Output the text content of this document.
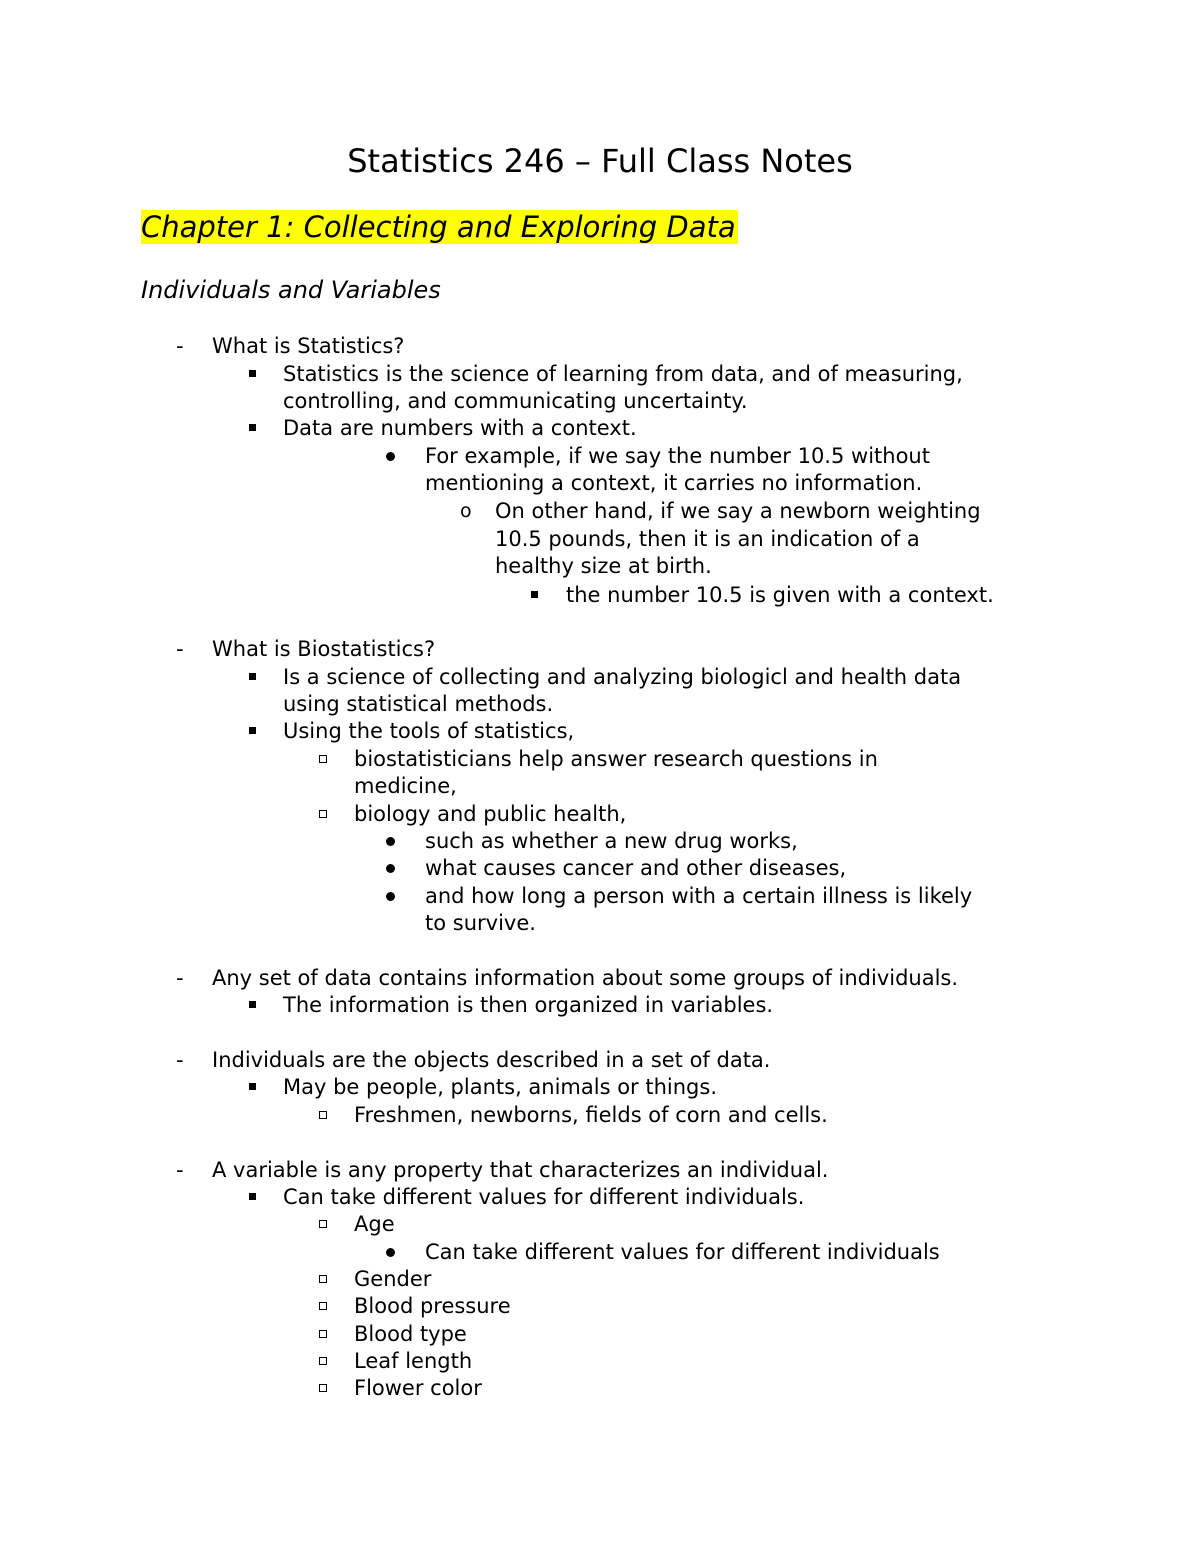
Statistics 246 – Full Class Notes
Chapter 1: Collecting and Exploring Data
Individuals and Variables
- What is Statistics?
Statistics is the science of learning from data, and of measuring,
controlling, and communicating uncertainty.
Data are numbers with a context.
For example, if we say the number 10.5 without
mentioning a context, it carries no information.
o On other hand, if we say a newborn weighting
10.5 pounds, then it is an indication of a
healthy size at birth.
the number 10.5 is given with a context.
- What is Biostatistics?
Is a science of collecting and analyzing biologicl and health data
using statistical methods.
Using the tools of statistics,
biostatisticians help answer research questions in
medicine,
biology and public health,
such as whether a new drug works,
what causes cancer and other diseases,
and how long a person with a certain illness is likely
to survive.
- Any set of data contains information about some groups of individuals.
The information is then organized in variables.
- Individuals are the objects described in a set of data.
May be people, plants, animals or things.
Freshmen, newborns, fields of corn and cells.
- A variable is any property that characterizes an individual.
Can take different values for different individuals.
Age
Can take different values for different individuals
Gender
Blood pressure
Blood type
Leaf length
Flower color
